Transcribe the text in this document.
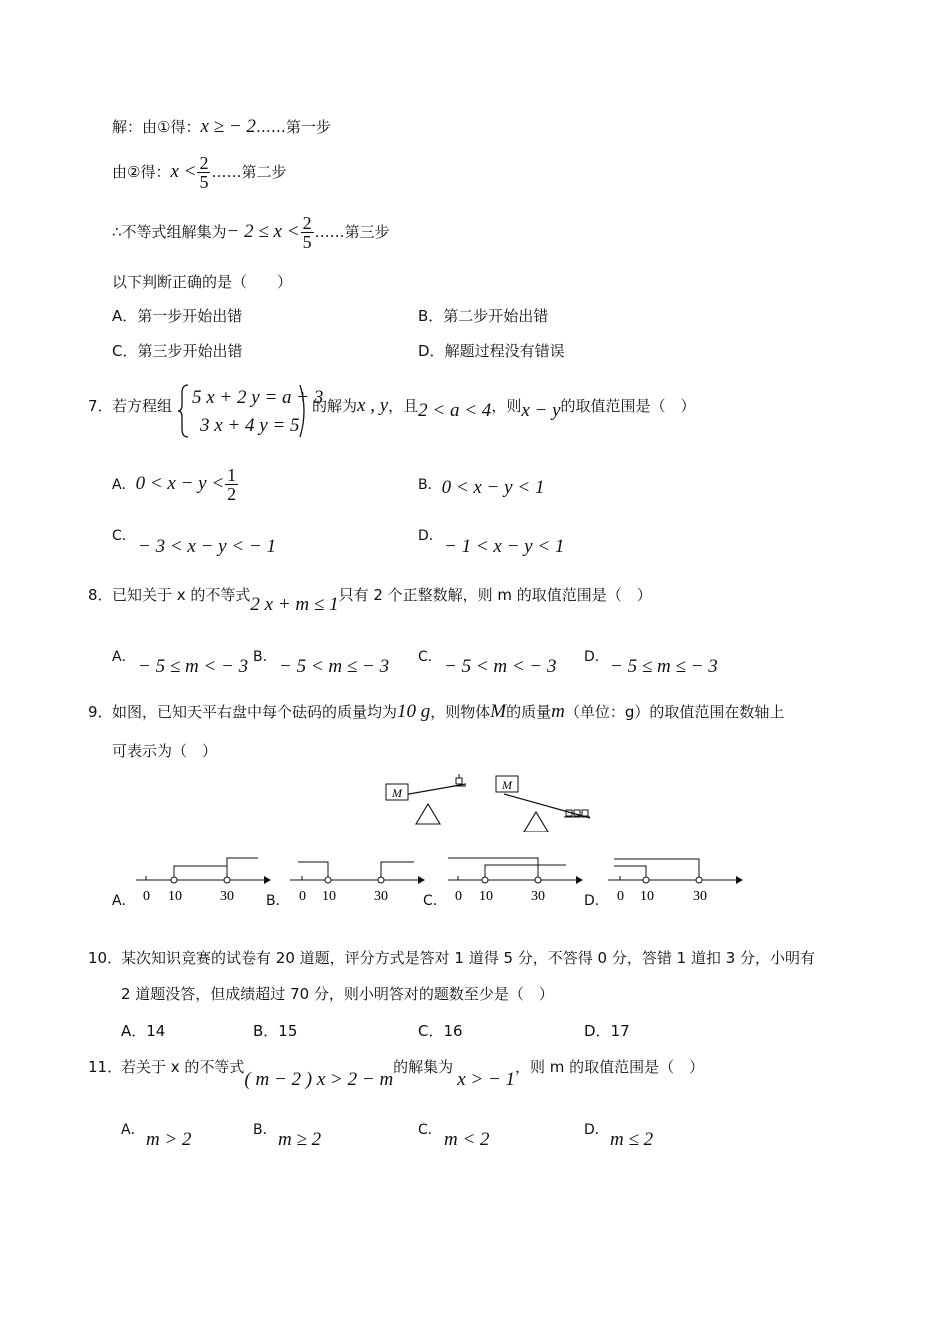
解：由①得：x ≥ − 2……第一步
由②得：$x < \frac{2}{5}$ ……第二步
∴不等式组解集为− $2 \le x < \frac{2}{5}$ ……第三步
以下判断正确的是（　　）
A．第一步开始出错	B．第二步开始出错
C．第三步开始出错	D．解题过程没有错误
7． 若方程组 5 x + 2 y = a + 3
3 x + 4 y = 5
的解为x , y，且2 < a < 4，则x − y的取值范围是（　）
A．$0 < x - y < \frac{1}{2}$	B．0 < x − y < 1
C． − 3 < x − y < − 1	D． − 1 < x − y < 1
8． 已知关于 x 的不等式2 x + m ≤ 1只有 2 个正整数解，则 m 的取值范围是（　）
A． − 5 ≤ m < − 3 B． − 5 < m ≤ − 3 C． − 5 < m < − 3 D． − 5 ≤ m ≤ − 3
9． 如图，已知天平右盘中每个砝码的质量均为10 g，则物体M的质量m（单位：g）的取值范围在数轴上
可表示为（　）
M
M
A． 0 10	30 B． 0 10	30	C． 0 10	30	D． 0 10	30
10．
某次知识竞赛的试卷有 20 道题，评分方式是答对 1 道得 5 分，不答得 0 分，答错 1 道扣 3 分，小明有
2 道题没答，但成绩超过 70 分，则小明答对的题数至少是（　）
A．14	B．15	C．16	D．17
11．
若关于 x 的不等式( m − 2 ) x > 2 − m的解集为x > − 1，则 m 的取值范围是（　）
A． m > 2	B． m ≥ 2	C． m < 2	D． m ≤ 2
